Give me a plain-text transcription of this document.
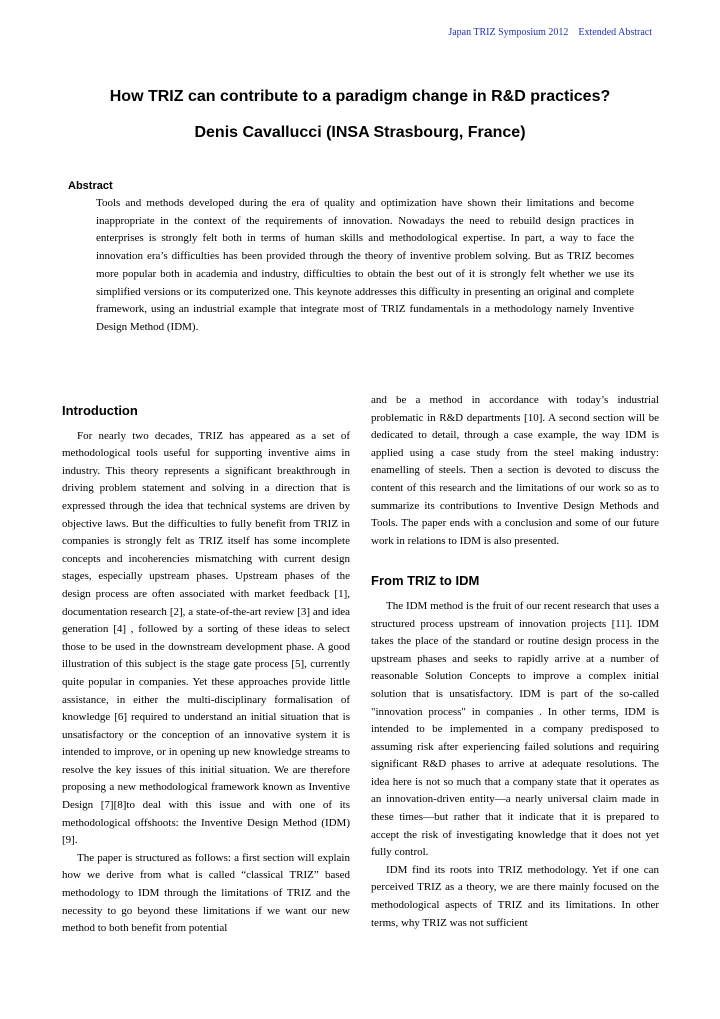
Japan TRIZ Symposium 2012 Extended Abstract
How TRIZ can contribute to a paradigm change in R&D practices?
Denis Cavallucci (INSA Strasbourg, France)
Abstract

Tools and methods developed during the era of quality and optimization have shown their limitations and become inappropriate in the context of the requirements of innovation. Nowadays the need to rebuild design practices in enterprises is strongly felt both in terms of human skills and methodological expertise. In part, a way to face the innovation era’s difficulties has been provided through the theory of inventive problem solving. But as TRIZ becomes more popular both in academia and industry, difficulties to obtain the best out of it is strongly felt whether we use its simplified versions or its computerized one. This keynote addresses this difficulty in presenting an original and complete framework, using an industrial example that integrate most of TRIZ fundamentals in a methodology namely Inventive Design Method (IDM).

Introduction

For nearly two decades, TRIZ has appeared as a set of methodological tools useful for supporting inventive aims in industry. This theory represents a significant breakthrough in driving problem statement and solving in a direction that is expressed through the idea that technical systems are driven by objective laws. But the difficulties to fully benefit from TRIZ in companies is strongly felt as TRIZ itself has some incomplete concepts and incoherencies mismatching with current design stages, especially upstream phases. Upstream phases of the design process are often associated with market feedback [1], documentation research [2], a state-of-the-art review [3] and idea generation [4] , followed by a sorting of these ideas to select those to be used in the downstream development phase. A good illustration of this subject is the stage gate process [5], currently quite popular in companies. Yet these approaches provide little assistance, in either the multi-disciplinary formalisation of knowledge [6] required to understand an initial situation that is unsatisfactory or the conception of an innovative system it is intended to improve, or in opening up new knowledge streams to resolve the key issues of this initial situation. We are therefore proposing a new methodological framework known as Inventive Design [7][8]to deal with this issue and with one of its methodological offshoots: the Inventive Design Method (IDM)[9].

The paper is structured as follows: a first section will explain how we derive from what is called “classical TRIZ” based methodology to IDM through the limitations of TRIZ and the necessity to go beyond these limitations if we want our new method to both benefit from potential

and be a method in accordance with today’s industrial problematic in R&D departments [10]. A second section will be dedicated to detail, through a case example, the way IDM is applied using a case study from the steel making industry: enamelling of steels. Then a section is devoted to discuss the content of this research and the limitations of our work so as to summarize its contributions to Inventive Design Methods and Tools. The paper ends with a conclusion and some of our future work in relations to IDM is also presented.

From TRIZ to IDM

The IDM method is the fruit of our recent research that uses a structured process upstream of innovation projects [11]. IDM takes the place of the standard or routine design process in the upstream phases and seeks to rapidly arrive at a number of reasonable Solution Concepts to improve a complex initial solution that is unsatisfactory. IDM is part of the so-called "innovation process" in companies . In other terms, IDM is intended to be implemented in a company predisposed to assuming risk after experiencing failed solutions and requiring significant R&D phases to arrive at adequate resolutions. The idea here is not so much that a company state that it operates as an innovation-driven entity—a nearly universal claim made in these times—but rather that it indicate that it is prepared to accept the risk of investigating knowledge that it does not yet fully control.

IDM find its roots into TRIZ methodology. Yet if one can perceived TRIZ as a theory, we are there mainly focused on the methodological aspects of TRIZ and its limitations. In other terms, why TRIZ was not sufficient
